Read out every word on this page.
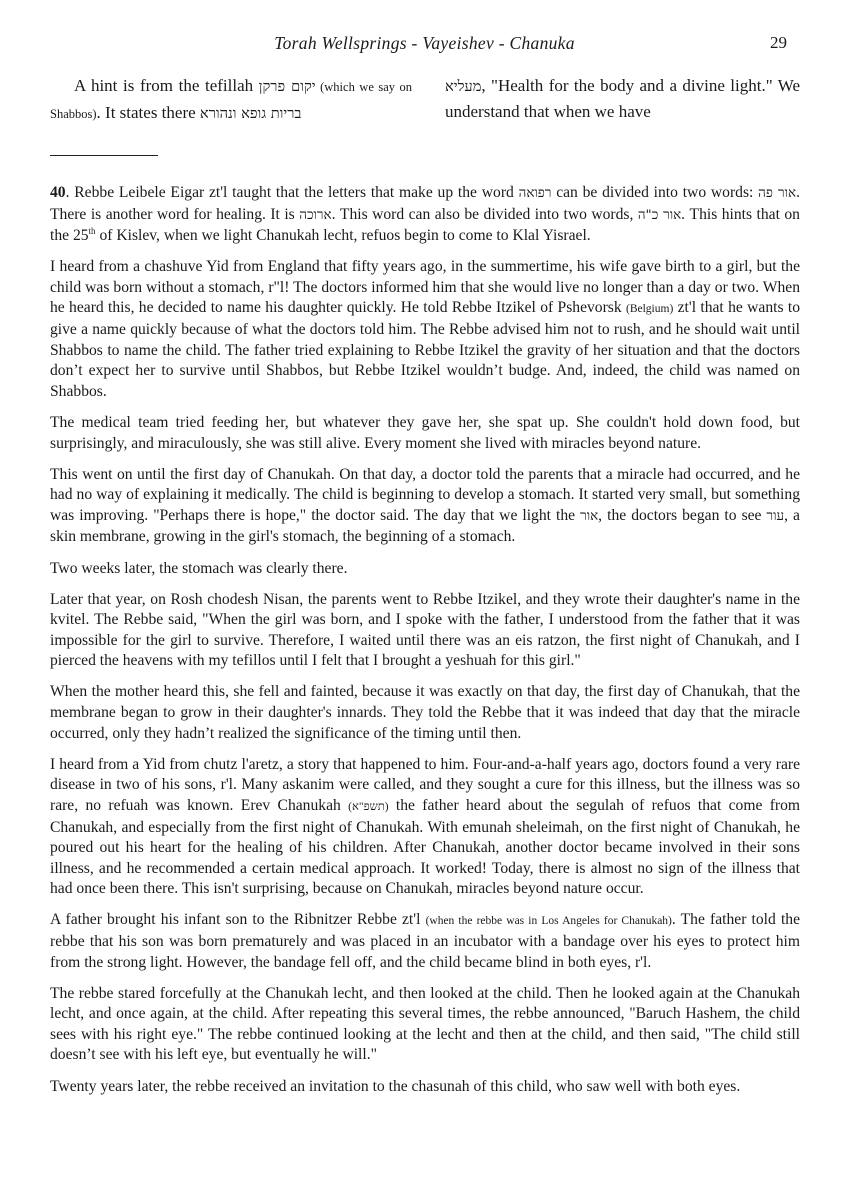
Torah Wellsprings - Vayeishev - Chanuka	29
A hint is from the tefillah יקום פרקן (which we say on Shabbos). It states there בריות גופא ונהורא
מעליא, "Health for the body and a divine light." We understand that when we have

40. Rebbe Leibele Eigar zt'l taught that the letters that make up the word רפואה can be divided into two words: אור פה. There is another word for healing. It is ארוכה. This word can also be divided into two words, אור כ"ה. This hints that on the 25th of Kislev, when we light Chanukah lecht, refuos begin to come to Klal Yisrael.

I heard from a chashuve Yid from England that fifty years ago, in the summertime, his wife gave birth to a girl, but the child was born without a stomach, r"l! The doctors informed him that she would live no longer than a day or two. When he heard this, he decided to name his daughter quickly. He told Rebbe Itzikel of Pshevorsk (Belgium) zt'l that he wants to give a name quickly because of what the doctors told him. The Rebbe advised him not to rush, and he should wait until Shabbos to name the child. The father tried explaining to Rebbe Itzikel the gravity of her situation and that the doctors don’t expect her to survive until Shabbos, but Rebbe Itzikel wouldn’t budge. And, indeed, the child was named on Shabbos.

The medical team tried feeding her, but whatever they gave her, she spat up. She couldn't hold down food, but surprisingly, and miraculously, she was still alive. Every moment she lived with miracles beyond nature.

This went on until the first day of Chanukah. On that day, a doctor told the parents that a miracle had occurred, and he had no way of explaining it medically. The child is beginning to develop a stomach. It started very small, but something was improving. "Perhaps there is hope," the doctor said. The day that we light the אור, the doctors began to see עור, a skin membrane, growing in the girl's stomach, the beginning of a stomach.

Two weeks later, the stomach was clearly there.

Later that year, on Rosh chodesh Nisan, the parents went to Rebbe Itzikel, and they wrote their daughter's name in the kvitel. The Rebbe said, "When the girl was born, and I spoke with the father, I understood from the father that it was impossible for the girl to survive. Therefore, I waited until there was an eis ratzon, the first night of Chanukah, and I pierced the heavens with my tefillos until I felt that I brought a yeshuah for this girl."

When the mother heard this, she fell and fainted, because it was exactly on that day, the first day of Chanukah, that the membrane began to grow in their daughter's innards. They told the Rebbe that it was indeed that day that the miracle occurred, only they hadn’t realized the significance of the timing until then.

I heard from a Yid from chutz l'aretz, a story that happened to him. Four-and-a-half years ago, doctors found a very rare disease in two of his sons, r'l. Many askanim were called, and they sought a cure for this illness, but the illness was so rare, no refuah was known. Erev Chanukah (תשפ"א) the father heard about the segulah of refuos that come from Chanukah, and especially from the first night of Chanukah. With emunah sheleimah, on the first night of Chanukah, he poured out his heart for the healing of his children. After Chanukah, another doctor became involved in their sons illness, and he recommended a certain medical approach. It worked! Today, there is almost no sign of the illness that had once been there. This isn't surprising, because on Chanukah, miracles beyond nature occur.

A father brought his infant son to the Ribnitzer Rebbe zt'l (when the rebbe was in Los Angeles for Chanukah). The father told the rebbe that his son was born prematurely and was placed in an incubator with a bandage over his eyes to protect him from the strong light. However, the bandage fell off, and the child became blind in both eyes, r'l.

The rebbe stared forcefully at the Chanukah lecht, and then looked at the child. Then he looked again at the Chanukah lecht, and once again, at the child. After repeating this several times, the rebbe announced, "Baruch Hashem, the child sees with his right eye." The rebbe continued looking at the lecht and then at the child, and then said, "The child still doesn’t see with his left eye, but eventually he will."

Twenty years later, the rebbe received an invitation to the chasunah of this child, who saw well with both eyes.
